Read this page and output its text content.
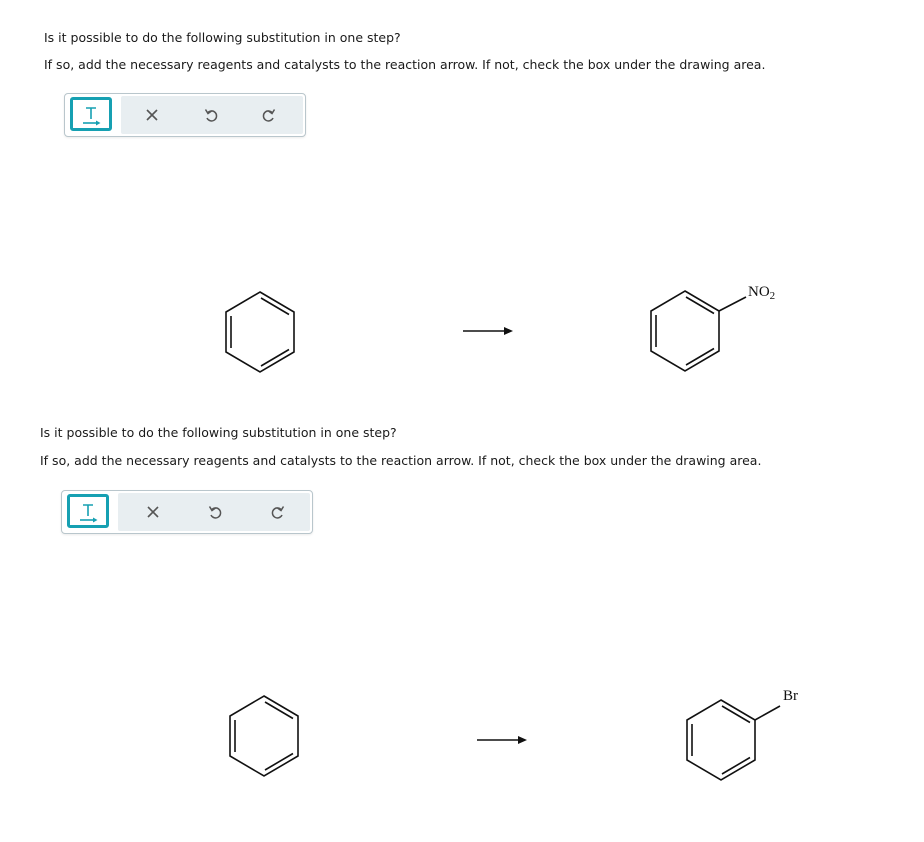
Is it possible to do the following substitution in one step?
If so, add the necessary reagents and catalysts to the reaction arrow. If not, check the box under the drawing area.
$NO_2$
Is it possible to do the following substitution in one step?
If so, add the necessary reagents and catalysts to the reaction arrow. If not, check the box under the drawing area.
Br
